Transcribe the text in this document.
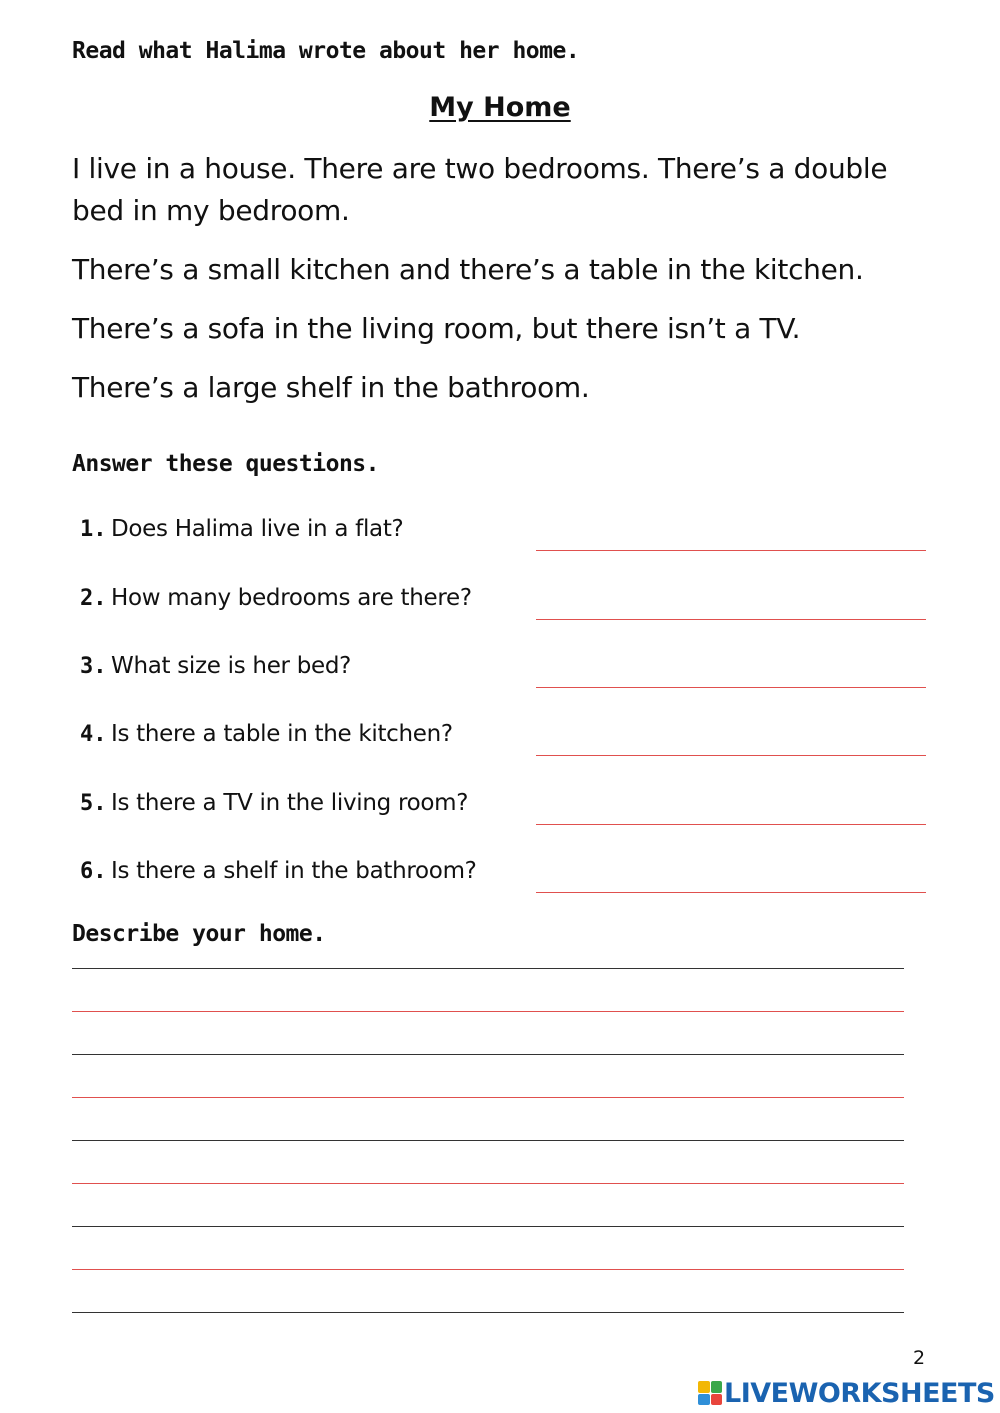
Read what Halima wrote about her home.
My Home
I live in a house. There are two bedrooms. There’s a double bed in my bedroom.
There’s a small kitchen and there’s a table in the kitchen.
There’s a sofa in the living room, but there isn’t a TV.
There’s a large shelf in the bathroom.
Answer these questions.
1. Does Halima live in a flat?
2. How many bedrooms are there?
3. What size is her bed?
4. Is there a table in the kitchen?
5. Is there a TV in the living room?
6. Is there a shelf in the bathroom?
Describe your home.
2
LIVEWORKSHEETS
